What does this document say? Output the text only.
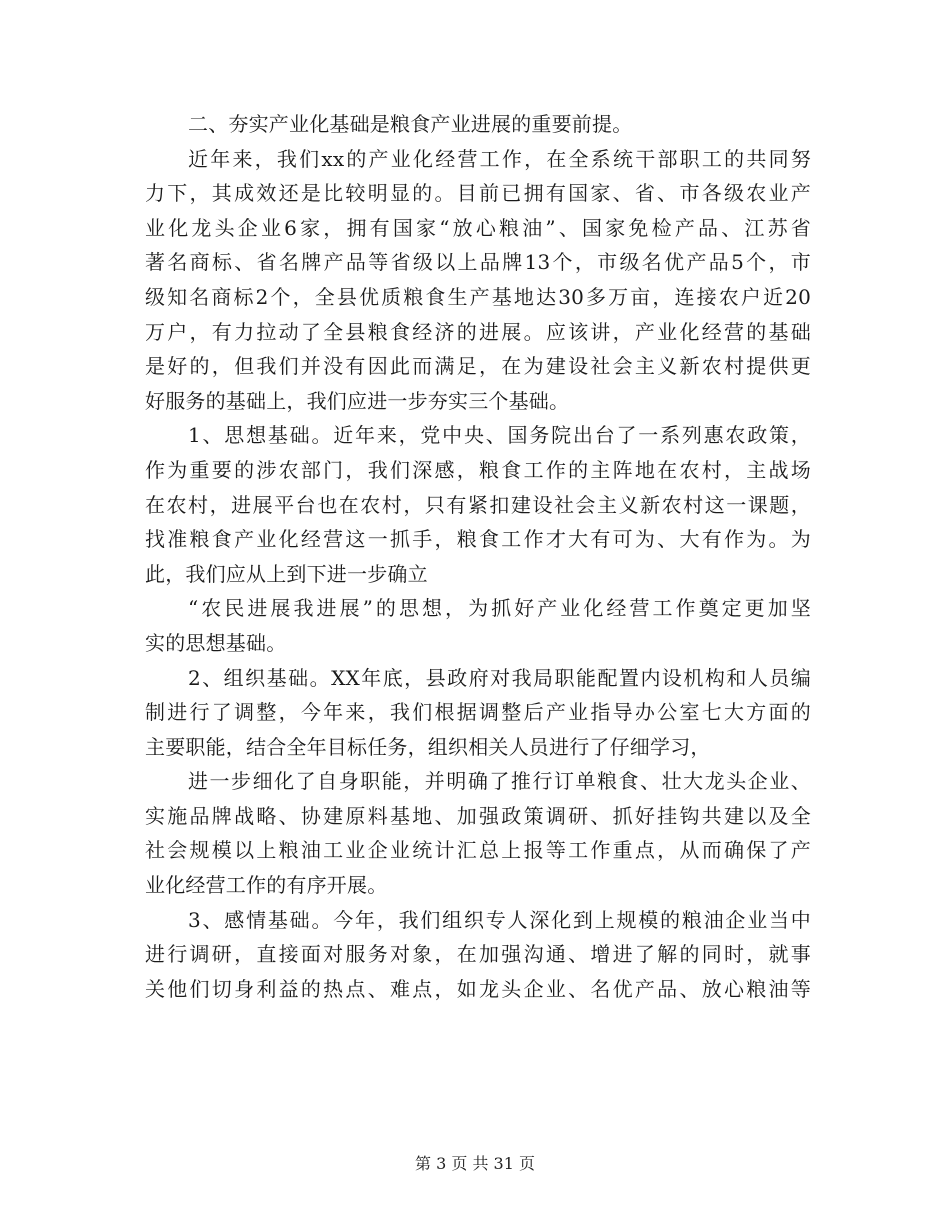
二、夯实产业化基础是粮食产业进展的重要前提。
近年来，我们xx的产业化经营工作，在全系统干部职工的共同努
力下，其成效还是比较明显的。目前已拥有国家、省、市各级农业产
业化龙头企业6家，拥有国家“放心粮油”、国家免检产品、江苏省
著名商标、省名牌产品等省级以上品牌13个，市级名优产品5个，市
级知名商标2个，全县优质粮食生产基地达30多万亩，连接农户近20
万户，有力拉动了全县粮食经济的进展。应该讲，产业化经营的基础
是好的，但我们并没有因此而满足，在为建设社会主义新农村提供更
好服务的基础上，我们应进一步夯实三个基础。
1、思想基础。近年来，党中央、国务院出台了一系列惠农政策，
作为重要的涉农部门，我们深感，粮食工作的主阵地在农村，主战场
在农村，进展平台也在农村，只有紧扣建设社会主义新农村这一课题，
找准粮食产业化经营这一抓手，粮食工作才大有可为、大有作为。为
此，我们应从上到下进一步确立
“农民进展我进展”的思想，为抓好产业化经营工作奠定更加坚
实的思想基础。
2、组织基础。XX年底，县政府对我局职能配置内设机构和人员编
制进行了调整，今年来，我们根据调整后产业指导办公室七大方面的
主要职能，结合全年目标任务，组织相关人员进行了仔细学习，
进一步细化了自身职能，并明确了推行订单粮食、壮大龙头企业、
实施品牌战略、协建原料基地、加强政策调研、抓好挂钩共建以及全
社会规模以上粮油工业企业统计汇总上报等工作重点，从而确保了产
业化经营工作的有序开展。
3、感情基础。今年，我们组织专人深化到上规模的粮油企业当中
进行调研，直接面对服务对象，在加强沟通、增进了解的同时，就事
关他们切身利益的热点、难点，如龙头企业、名优产品、放心粮油等
第 3 页 共 31 页
